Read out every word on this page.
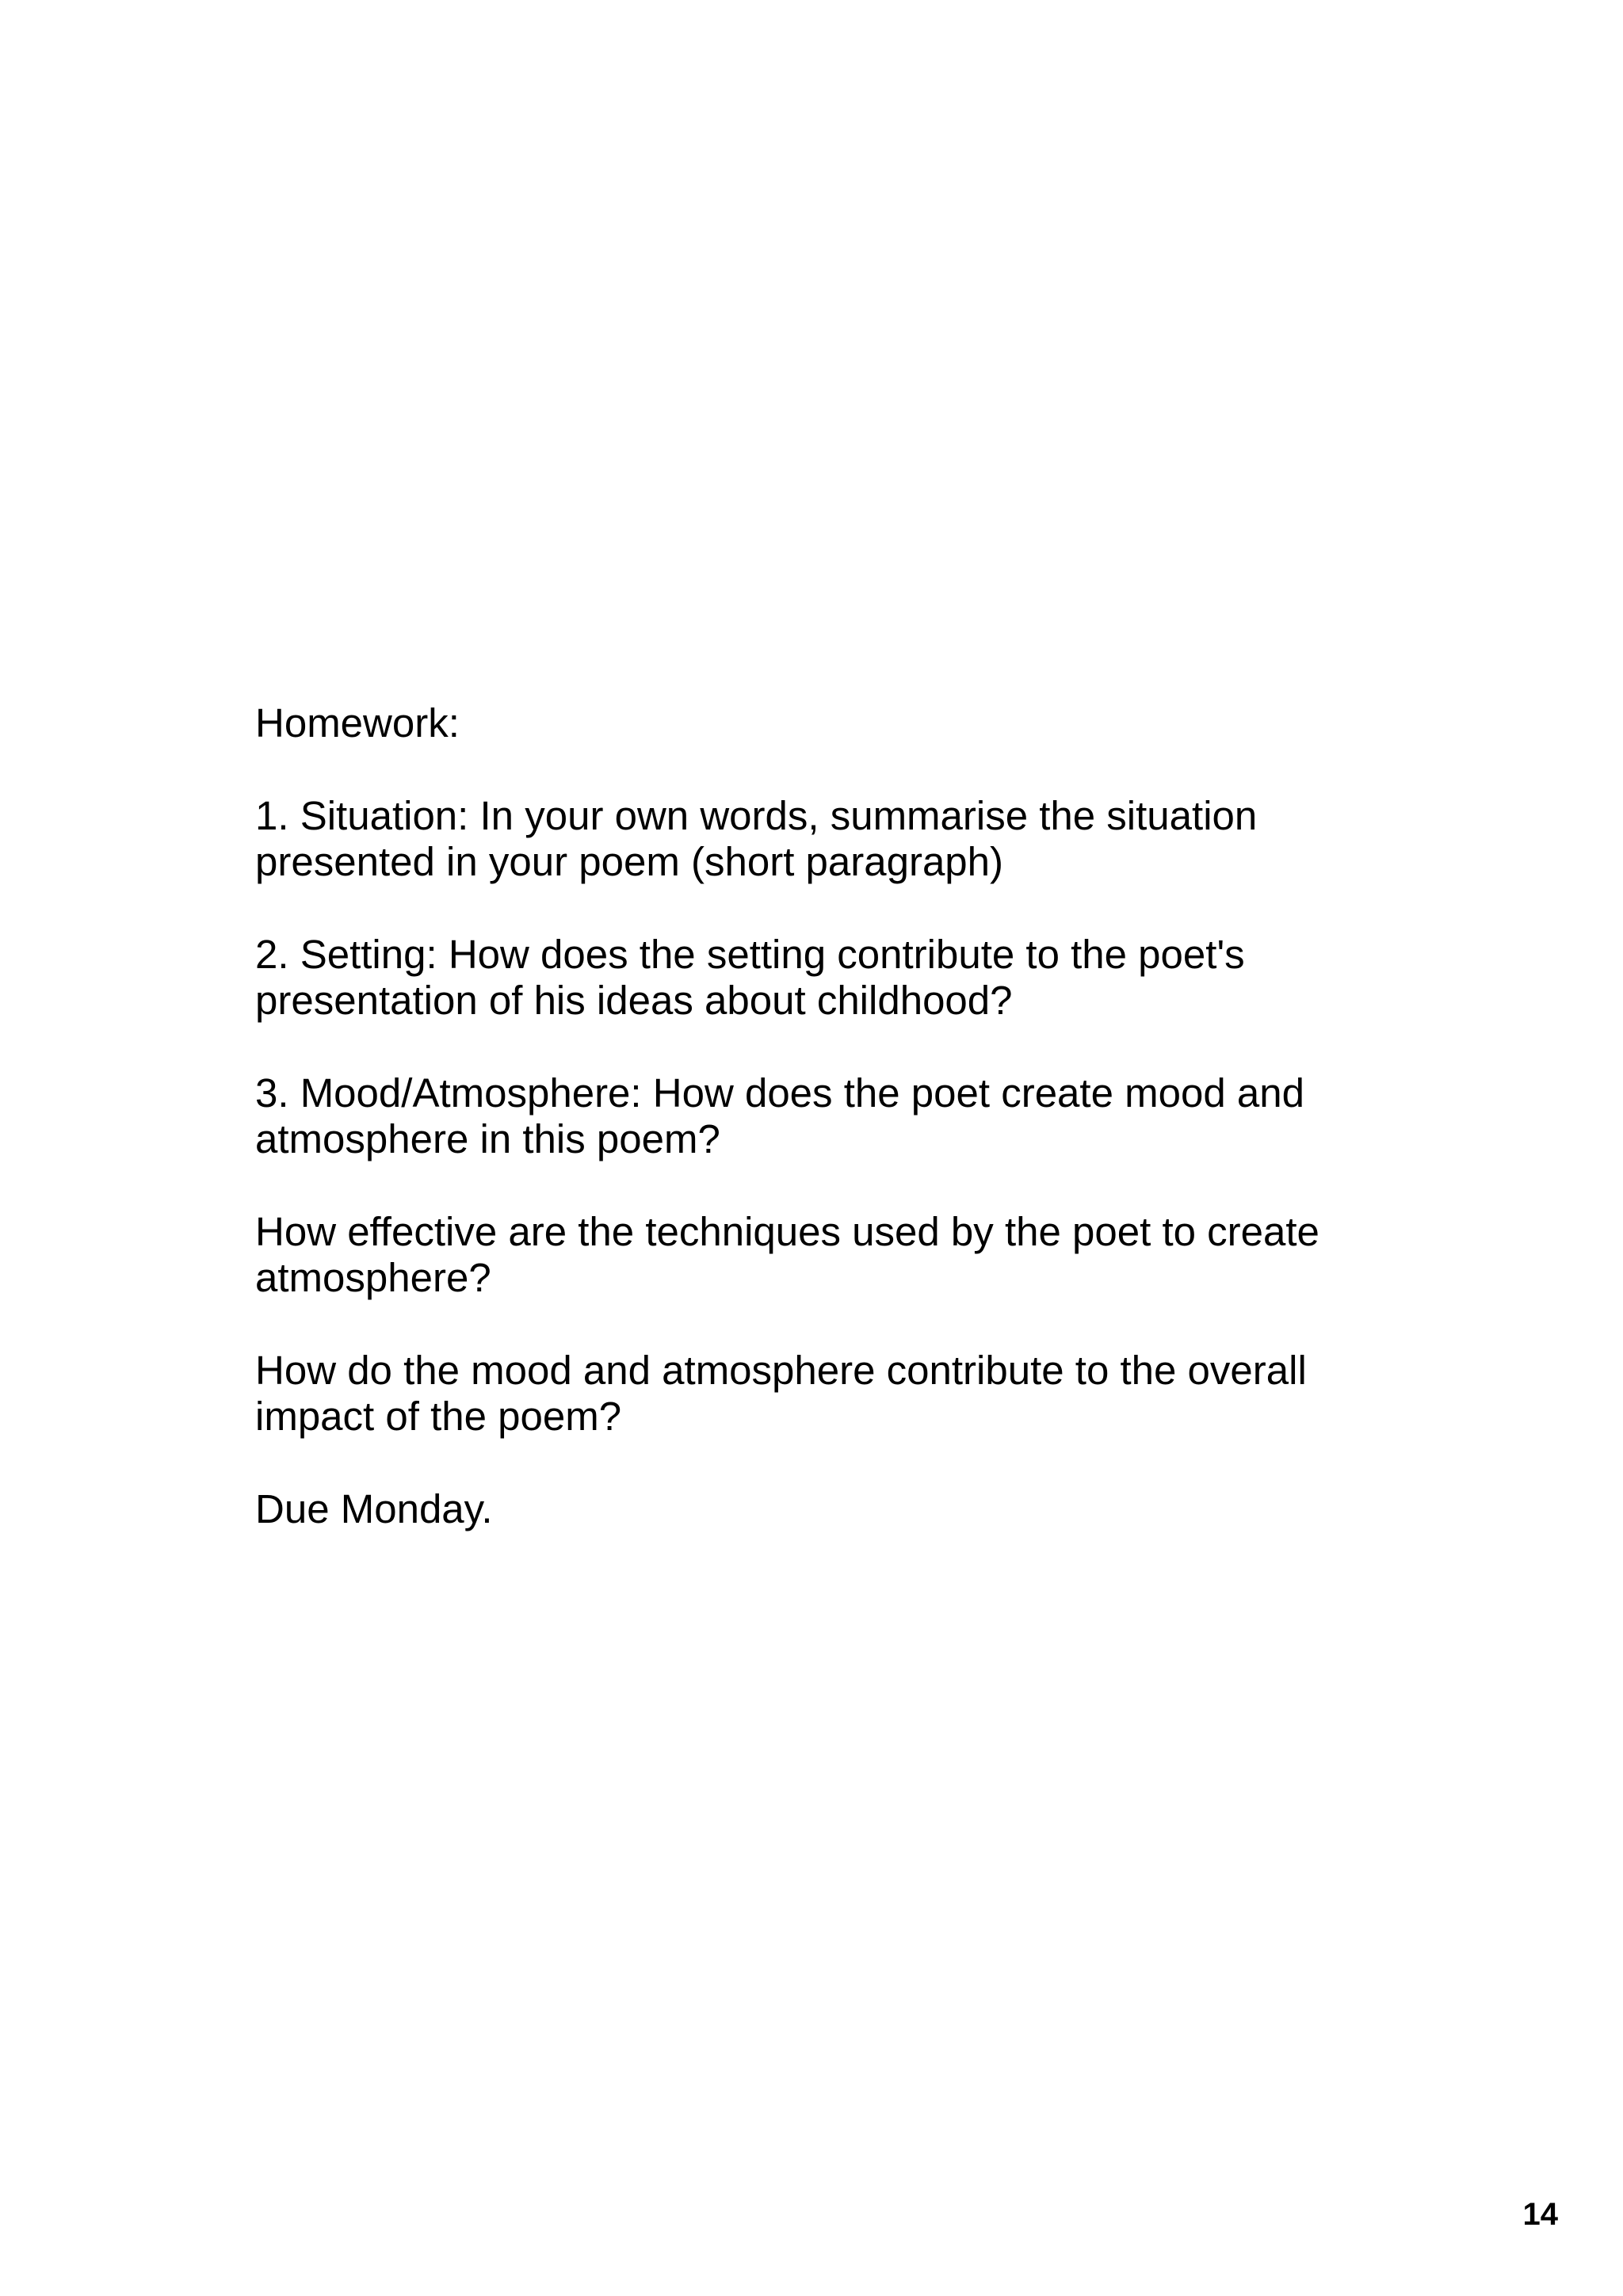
Homework:

1. Situation: In your own words, summarise the situation
presented in your poem (short paragraph)

2. Setting: How does the setting contribute to the poet's
presentation of his ideas about childhood?

3. Mood/Atmosphere: How does the poet create mood and
atmosphere in this poem?

How effective are the techniques used by the poet to create
atmosphere?

How do the mood and atmosphere contribute to the overall
impact of the poem?

Due Monday.

14
